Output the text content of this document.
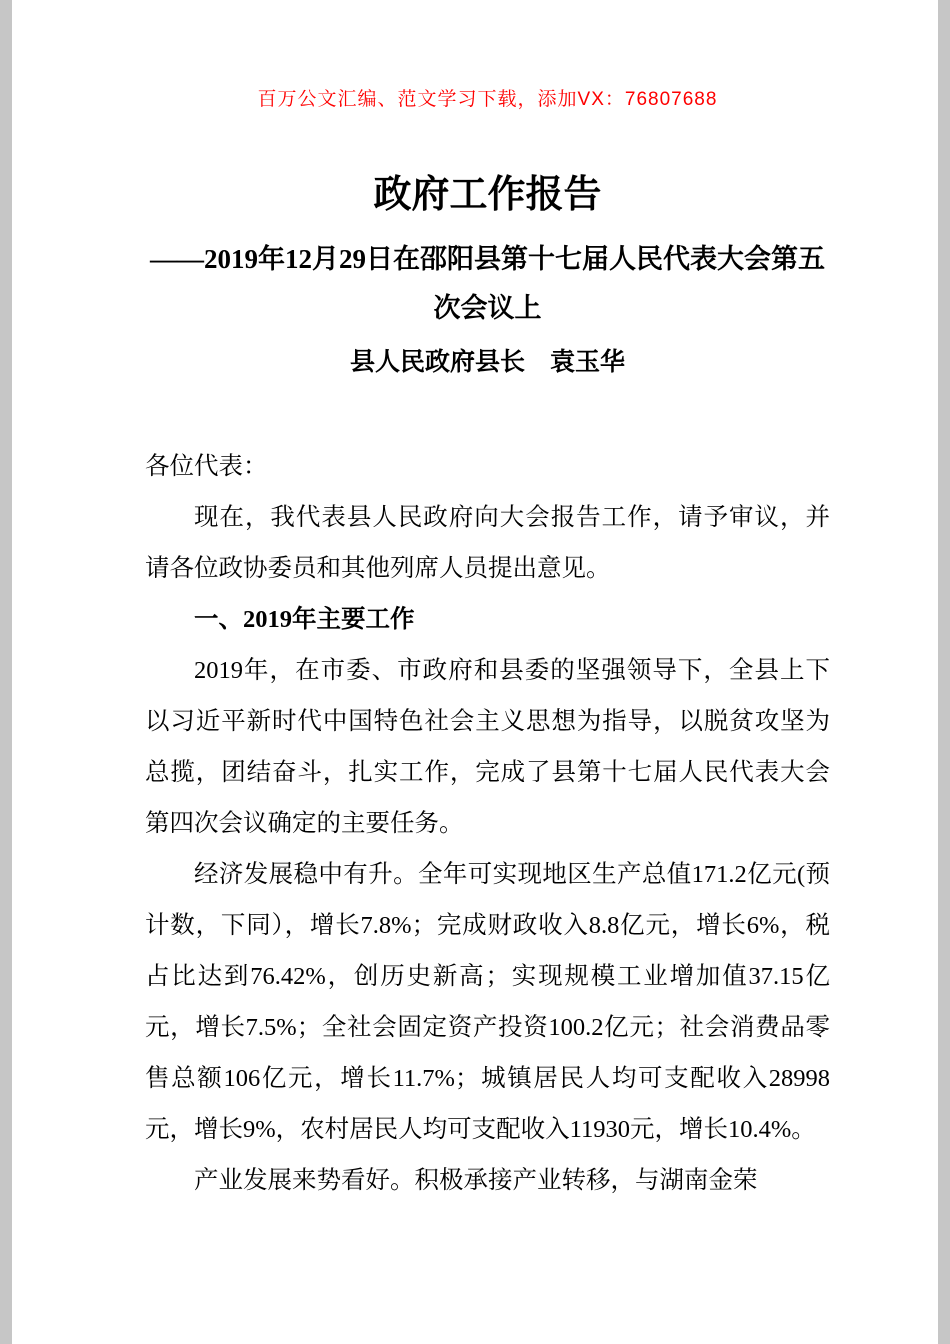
百万公文汇编、范文学习下载，添加VX：76807688
政府工作报告
——2019年12月29日在邵阳县第十七届人民代表大会第五次会议上
县人民政府县长　袁玉华

各位代表：

现在，我代表县人民政府向大会报告工作，请予审议，并请各位政协委员和其他列席人员提出意见。

一、2019年主要工作

2019年，在市委、市政府和县委的坚强领导下，全县上下以习近平新时代中国特色社会主义思想为指导，以脱贫攻坚为总揽，团结奋斗，扎实工作，完成了县第十七届人民代表大会第四次会议确定的主要任务。

经济发展稳中有升。全年可实现地区生产总值171.2亿元(预计数，下同），增长7.8%；完成财政收入8.8亿元，增长6%，税占比达到76.42%，创历史新高；实现规模工业增加值37.15亿元，增长7.5%；全社会固定资产投资100.2亿元；社会消费品零售总额106亿元，增长11.7%；城镇居民人均可支配收入28998元，增长9%，农村居民人均可支配收入11930元，增长10.4%。

产业发展来势看好。积极承接产业转移，与湖南金荣
